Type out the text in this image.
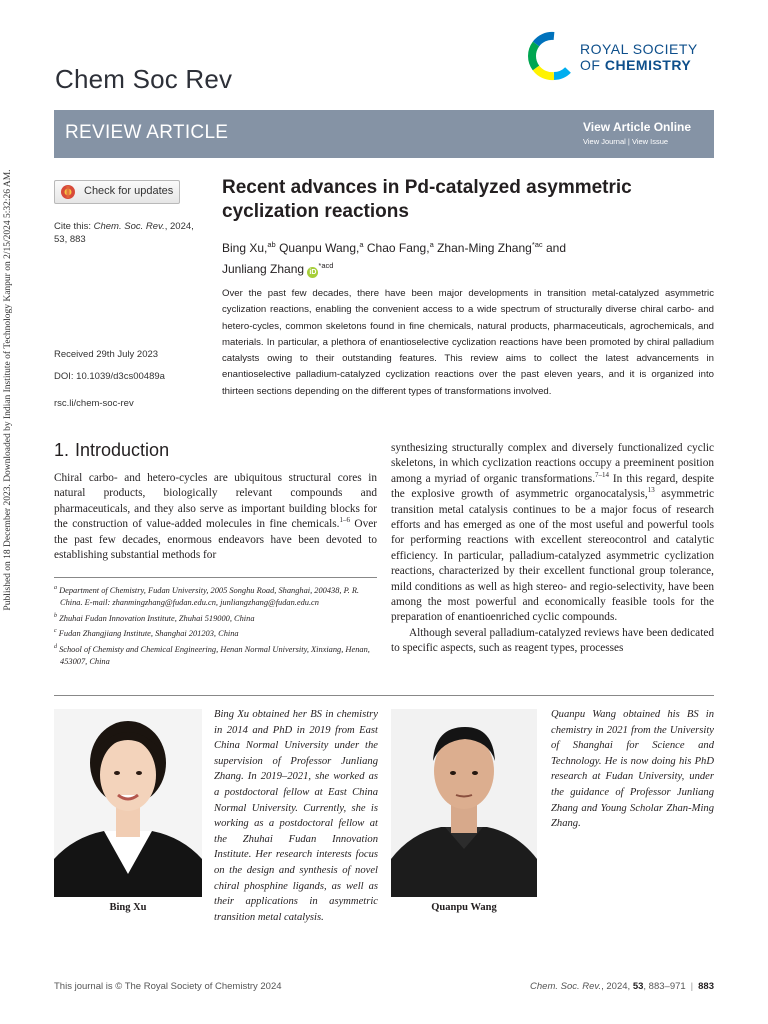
Published on 18 December 2023. Downloaded by Indian Institute of Technology Kanpur on 2/15/2024 5:32:26 AM.
Chem Soc Rev
ROYAL SOCIETY
OF CHEMISTRY
REVIEW ARTICLE	View Article Online
View Journal | View Issue
Check for updates
Cite this: Chem. Soc. Rev., 2024,
53, 883
Received 29th July 2023
DOI: 10.1039/d3cs00489a
rsc.li/chem-soc-rev
Recent advances in Pd-catalyzed asymmetric cyclization reactions
Bing Xu,$^{ab}$ Quanpu Wang,$^a$ Chao Fang,$^a$ Zhan-Ming Zhang$^{*ac}$ and
Junliang Zhang $iD^{*acd}$
Over the past few decades, there have been major developments in transition metal-catalyzed asymmetric cyclization reactions, enabling the convenient access to a wide spectrum of structurally diverse chiral carbo- and hetero-cycles, common skeletons found in fine chemicals, natural products, pharmaceuticals, agrochemicals, and materials. In particular, a plethora of enantioselective cyclization reactions have been promoted by chiral palladium catalysts owing to their outstanding features. This review aims to collect the latest advancements in enantioselective palladium-catalyzed cyclization reactions over the past eleven years, and it is organized into thirteen sections depending on the different types of transformations involved.
1. Introduction
Chiral carbo- and hetero-cycles are ubiquitous structural cores in natural products, biologically relevant compounds and pharmaceuticals, and they also serve as important building blocks for the construction of value-added molecules in fine chemicals.$^{1-6}$ Over the past few decades, enormous endeavors have been devoted to establishing substantial methods for
$^a$ Department of Chemistry, Fudan University, 2005 Songhu Road, Shanghai, 200438, P. R. China. E-mail: zhanmingzhang@fudan.edu.cn, junliangzhang@fudan.edu.cn
$^b$ Zhuhai Fudan Innovation Institute, Zhuhai 519000, China
$^c$ Fudan Zhangjiang Institute, Shanghai 201203, China
$^d$ School of Chemisty and Chemical Engineering, Henan Normal University, Xinxiang, Henan, 453007, China
synthesizing structurally complex and diversely functionalized cyclic skeletons, in which cyclization reactions occupy a preeminent position among a myriad of organic transformations.$^{7-14}$ In this regard, despite the explosive growth of asymmetric organocatalysis,$^{13}$ asymmetric transition metal catalysis continues to be a major focus of research efforts and has emerged as one of the most useful and powerful tools for performing reactions with excellent stereocontrol and catalytic efficiency. In particular, palladium-catalyzed asymmetric cyclization reactions, characterized by their excellent functional group tolerance, mild conditions as well as high stereo- and regio-selectivity, have been among the most powerful and economically feasible tools for the preparation of enantioenriched cyclic compounds.
Although several palladium-catalyzed reviews have been dedicated to specific aspects, such as reagent types, processes
Bing Xu
Bing Xu obtained her BS in chemistry in 2014 and PhD in 2019 from East China Normal University under the supervision of Professor Junliang Zhang. In 2019–2021, she worked as a postdoctoral fellow at East China Normal University. Currently, she is working as a postdoctoral fellow at the Zhuhai Fudan Innovation Institute. Her research interests focus on the design and synthesis of novel chiral phosphine ligands, as well as their applications in asymmetric transition metal catalysis.
Quanpu Wang
Quanpu Wang obtained his BS in chemistry in 2021 from the University of Shanghai for Science and Technology. He is now doing his PhD research at Fudan University, under the guidance of Professor Junliang Zhang and Young Scholar Zhan-Ming Zhang.
This journal is © The Royal Society of Chemistry 2024	Chem. Soc. Rev., 2024, 53, 883–971 | 883
